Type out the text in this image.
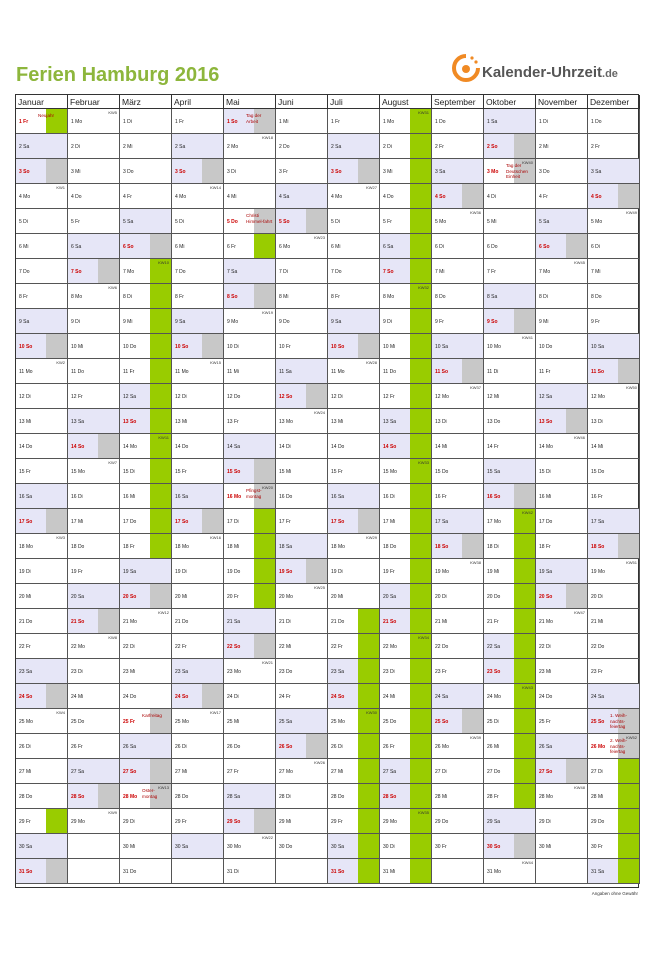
Ferien Hamburg 2016	Kalender-Uhrzeit.de
Januar
1 Fr
Neujahr
2 Sa
3 So
4 Mo
KW1
5 Di
6 Mi
7 Do
8 Fr
9 Sa
10 So
11 Mo
KW2
12 Di
13 Mi
14 Do
15 Fr
16 Sa
17 So
18 Mo
KW3
19 Di
20 Mi
21 Do
22 Fr
23 Sa
24 So
25 Mo
KW4
26 Di
27 Mi
28 Do
29 Fr
30 Sa
31 So
Februar
1 Mo
KW5
2 Di
3 Mi
4 Do
5 Fr
6 Sa
7 So
8 Mo
KW6
9 Di
10 Mi
11 Do
12 Fr
13 Sa
14 So
15 Mo
KW7
16 Di
17 Mi
18 Do
19 Fr
20 Sa
21 So
22 Mo
KW8
23 Di
24 Mi
25 Do
26 Fr
27 Sa
28 So
29 Mo
KW9
März
1 Di
2 Mi
3 Do
4 Fr
5 Sa
6 So
7 Mo
KW10
8 Di
9 Mi
10 Do
11 Fr
12 Sa
13 So
14 Mo
KW11
15 Di
16 Mi
17 Do
18 Fr
19 Sa
20 So
21 Mo
KW12
22 Di
23 Mi
24 Do
25 Fr
Karfreitag
26 Sa
27 So
28 Mo
Oster-montag
KW13
29 Di
30 Mi
31 Do
April
1 Fr
2 Sa
3 So
4 Mo
KW14
5 Di
6 Mi
7 Do
8 Fr
9 Sa
10 So
11 Mo
KW15
12 Di
13 Mi
14 Do
15 Fr
16 Sa
17 So
18 Mo
KW16
19 Di
20 Mi
21 Do
22 Fr
23 Sa
24 So
25 Mo
KW17
26 Di
27 Mi
28 Do
29 Fr
30 Sa
Mai
1 So
Tag der Arbeit
2 Mo
KW18
3 Di
4 Mi
5 Do
Christi Himmel-fahrt
6 Fr
7 Sa
8 So
9 Mo
KW19
10 Di
11 Mi
12 Do
13 Fr
14 Sa
15 So
16 Mo
Pfingst-montag
KW20
17 Di
18 Mi
19 Do
20 Fr
21 Sa
22 So
23 Mo
KW21
24 Di
25 Mi
26 Do
27 Fr
28 Sa
29 So
30 Mo
KW22
31 Di
Juni
1 Mi
2 Do
3 Fr
4 Sa
5 So
6 Mo
KW23
7 Di
8 Mi
9 Do
10 Fr
11 Sa
12 So
13 Mo
KW24
14 Di
15 Mi
16 Do
17 Fr
18 Sa
19 So
20 Mo
KW25
21 Di
22 Mi
23 Do
24 Fr
25 Sa
26 So
27 Mo
KW26
28 Di
29 Mi
30 Do
Juli
1 Fr
2 Sa
3 So
4 Mo
KW27
5 Di
6 Mi
7 Do
8 Fr
9 Sa
10 So
11 Mo
KW28
12 Di
13 Mi
14 Do
15 Fr
16 Sa
17 So
18 Mo
KW29
19 Di
20 Mi
21 Do
22 Fr
23 Sa
24 So
25 Mo
KW30
26 Di
27 Mi
28 Do
29 Fr
30 Sa
31 So
August
1 Mo
KW31
2 Di
3 Mi
4 Do
5 Fr
6 Sa
7 So
8 Mo
KW32
9 Di
10 Mi
11 Do
12 Fr
13 Sa
14 So
15 Mo
KW33
16 Di
17 Mi
18 Do
19 Fr
20 Sa
21 So
22 Mo
KW34
23 Di
24 Mi
25 Do
26 Fr
27 Sa
28 So
29 Mo
KW35
30 Di
31 Mi
September
1 Do
2 Fr
3 Sa
4 So
5 Mo
KW36
6 Di
7 Mi
8 Do
9 Fr
10 Sa
11 So
12 Mo
KW37
13 Di
14 Mi
15 Do
16 Fr
17 Sa
18 So
19 Mo
KW38
20 Di
21 Mi
22 Do
23 Fr
24 Sa
25 So
26 Mo
KW39
27 Di
28 Mi
29 Do
30 Fr
Oktober
1 Sa
2 So
3 Mo
Tag der Deutschen Einheit
KW40
4 Di
5 Mi
6 Do
7 Fr
8 Sa
9 So
10 Mo
KW41
11 Di
12 Mi
13 Do
14 Fr
15 Sa
16 So
17 Mo
KW42
18 Di
19 Mi
20 Do
21 Fr
22 Sa
23 So
24 Mo
KW43
25 Di
26 Mi
27 Do
28 Fr
29 Sa
30 So
31 Mo
KW44
November
1 Di
2 Mi
3 Do
4 Fr
5 Sa
6 So
7 Mo
KW45
8 Di
9 Mi
10 Do
11 Fr
12 Sa
13 So
14 Mo
KW46
15 Di
16 Mi
17 Do
18 Fr
19 Sa
20 So
21 Mo
KW47
22 Di
23 Mi
24 Do
25 Fr
26 Sa
27 So
28 Mo
KW48
29 Di
30 Mi
Dezember
1 Do
2 Fr
3 Sa
4 So
5 Mo
KW49
6 Di
7 Mi
8 Do
9 Fr
10 Sa
11 So
12 Mo
KW50
13 Di
14 Mi
15 Do
16 Fr
17 Sa
18 So
19 Mo
KW51
20 Di
21 Mi
22 Do
23 Fr
24 Sa
25 So
1. Weih-nachts-feiertag
26 Mo
2. Weih-nachts-feiertag
KW52
27 Di
28 Mi
29 Do
30 Fr
31 Sa
Angaben ohne Gewähr
